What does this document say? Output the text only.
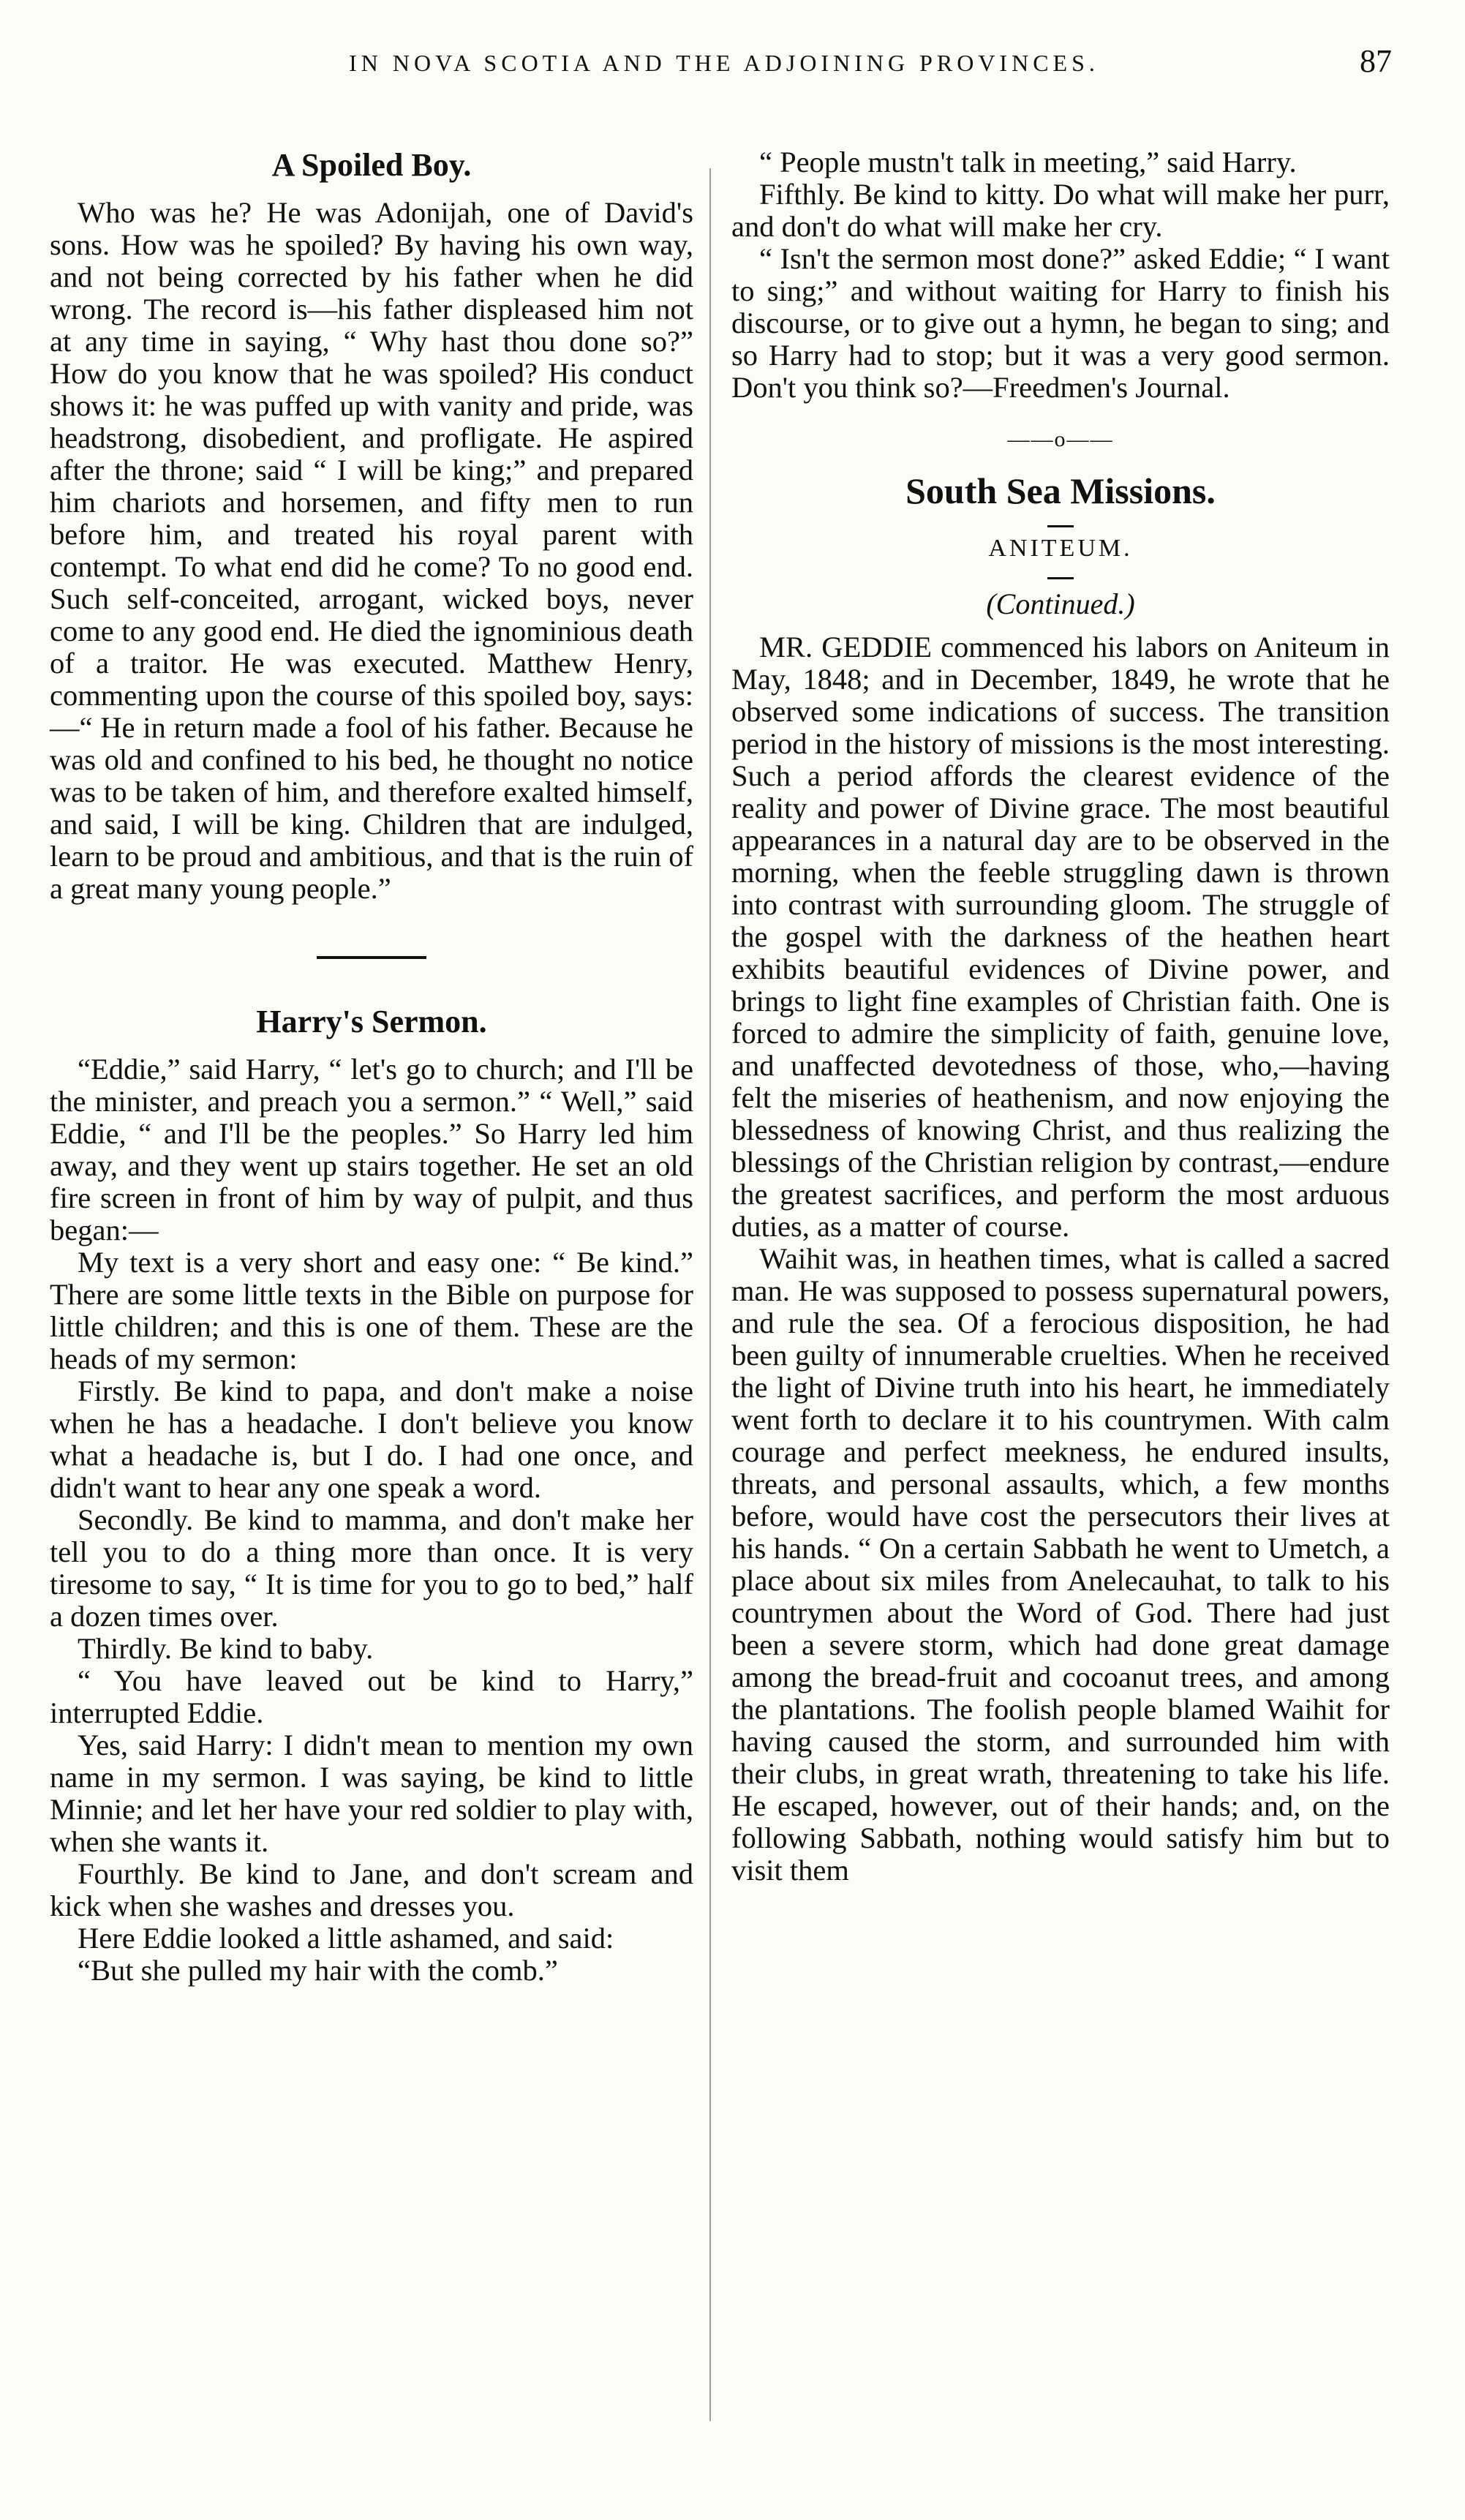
IN NOVA SCOTIA AND THE ADJOINING PROVINCES.	87
A Spoiled Boy.

Who was he? He was Adonijah, one of David's sons. How was he spoiled? By having his own way, and not being corrected by his father when he did wrong. The record is—his father displeased him not at any time in saying, “ Why hast thou done so?” How do you know that he was spoiled? His conduct shows it: he was puffed up with vanity and pride, was headstrong, disobedient, and profligate. He aspired after the throne; said “ I will be king;” and prepared him chariots and horsemen, and fifty men to run before him, and treated his royal parent with contempt. To what end did he come? To no good end. Such self-conceited, arrogant, wicked boys, never come to any good end. He died the ignominious death of a traitor. He was executed. Matthew Henry, commenting upon the course of this spoiled boy, says:—“ He in return made a fool of his father. Because he was old and confined to his bed, he thought no notice was to be taken of him, and therefore exalted himself, and said, I will be king. Children that are indulged, learn to be proud and ambitious, and that is the ruin of a great many young people.”

Harry's Sermon.

“Eddie,” said Harry, “ let's go to church; and I'll be the minister, and preach you a sermon.” “ Well,” said Eddie, “ and I'll be the peoples.” So Harry led him away, and they went up stairs together. He set an old fire screen in front of him by way of pulpit, and thus began:—

My text is a very short and easy one: “ Be kind.” There are some little texts in the Bible on purpose for little children; and this is one of them. These are the heads of my sermon:

Firstly. Be kind to papa, and don't make a noise when he has a headache. I don't believe you know what a headache is, but I do. I had one once, and didn't want to hear any one speak a word.

Secondly. Be kind to mamma, and don't make her tell you to do a thing more than once. It is very tiresome to say, “ It is time for you to go to bed,” half a dozen times over.

Thirdly. Be kind to baby.

“ You have leaved out be kind to Harry,” interrupted Eddie.

Yes, said Harry: I didn't mean to mention my own name in my sermon. I was saying, be kind to little Minnie; and let her have your red soldier to play with, when she wants it.

Fourthly. Be kind to Jane, and don't scream and kick when she washes and dresses you.

Here Eddie looked a little ashamed, and said:

“But she pulled my hair with the comb.”

“ People mustn't talk in meeting,” said Harry.

Fifthly. Be kind to kitty. Do what will make her purr, and don't do what will make her cry.

“ Isn't the sermon most done?” asked Eddie; “ I want to sing;” and without waiting for Harry to finish his discourse, or to give out a hymn, he began to sing; and so Harry had to stop; but it was a very good sermon. Don't you think so?—Freedmen's Journal.

——o——
South Sea Missions.
ANITEUM.
(Continued.)

MR. GEDDIE commenced his labors on Aniteum in May, 1848; and in December, 1849, he wrote that he observed some indications of success. The transition period in the history of missions is the most interesting. Such a period affords the clearest evidence of the reality and power of Divine grace. The most beautiful appearances in a natural day are to be observed in the morning, when the feeble struggling dawn is thrown into contrast with surrounding gloom. The struggle of the gospel with the darkness of the heathen heart exhibits beautiful evidences of Divine power, and brings to light fine examples of Christian faith. One is forced to admire the simplicity of faith, genuine love, and unaffected devotedness of those, who,—having felt the miseries of heathenism, and now enjoying the blessedness of knowing Christ, and thus realizing the blessings of the Christian religion by contrast,—endure the greatest sacrifices, and perform the most arduous duties, as a matter of course.

Waihit was, in heathen times, what is called a sacred man. He was supposed to possess supernatural powers, and rule the sea. Of a ferocious disposition, he had been guilty of innumerable cruelties. When he received the light of Divine truth into his heart, he immediately went forth to declare it to his countrymen. With calm courage and perfect meekness, he endured insults, threats, and personal assaults, which, a few months before, would have cost the persecutors their lives at his hands. “ On a certain Sabbath he went to Umetch, a place about six miles from Anelecauhat, to talk to his countrymen about the Word of God. There had just been a severe storm, which had done great damage among the bread-fruit and cocoanut trees, and among the plantations. The foolish people blamed Waihit for having caused the storm, and surrounded him with their clubs, in great wrath, threatening to take his life. He escaped, however, out of their hands; and, on the following Sabbath, nothing would satisfy him but to visit them
